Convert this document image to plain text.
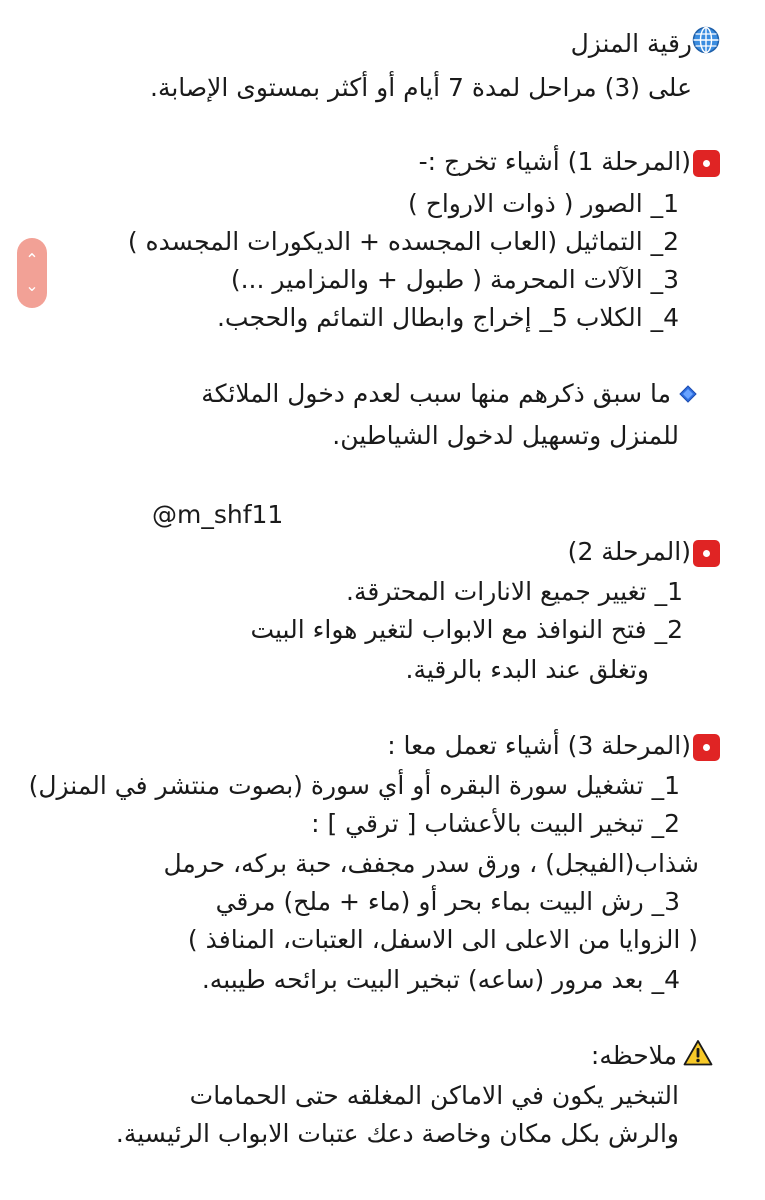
⌃
⌄
رقية المنزل
على (3) مراحل لمدة 7 أيام أو أكثر بمستوى الإصابة.
(المرحلة 1) أشياء تخرج :-
1_ الصور ( ذوات الارواح )
2_ التماثيل (العاب المجسده + الديكورات المجسده )
3_ الآلات المحرمة ( طبول + والمزامير ...)
4_ الكلاب 5_ إخراج وابطال التمائم والحجب.
ما سبق ذكرهم منها سبب لعدم دخول الملائكة
للمنزل وتسهيل لدخول الشياطين.
@m_shf11
(المرحلة 2)
1_ تغيير جميع الانارات المحترقة.
2_ فتح النوافذ مع الابواب لتغير هواء البيت
وتغلق عند البدء بالرقية.
(المرحلة 3) أشياء تعمل معا :
1_ تشغيل سورة البقره أو أي سورة (بصوت منتشر في المنزل)
2_ تبخير البيت بالأعشاب [ ترقي ] :
شذاب(الفيجل) ، ورق سدر مجفف، حبة بركه، حرمل
3_ رش البيت بماء بحر أو (ماء + ملح) مرقي
( الزوايا من الاعلى الى الاسفل، العتبات، المنافذ )
4_ بعد مرور (ساعه) تبخير البيت برائحه طيببه.
ملاحظه:
التبخير يكون في الاماكن المغلقه حتى الحمامات
والرش بكل مكان وخاصة دعك عتبات الابواب الرئيسية.
